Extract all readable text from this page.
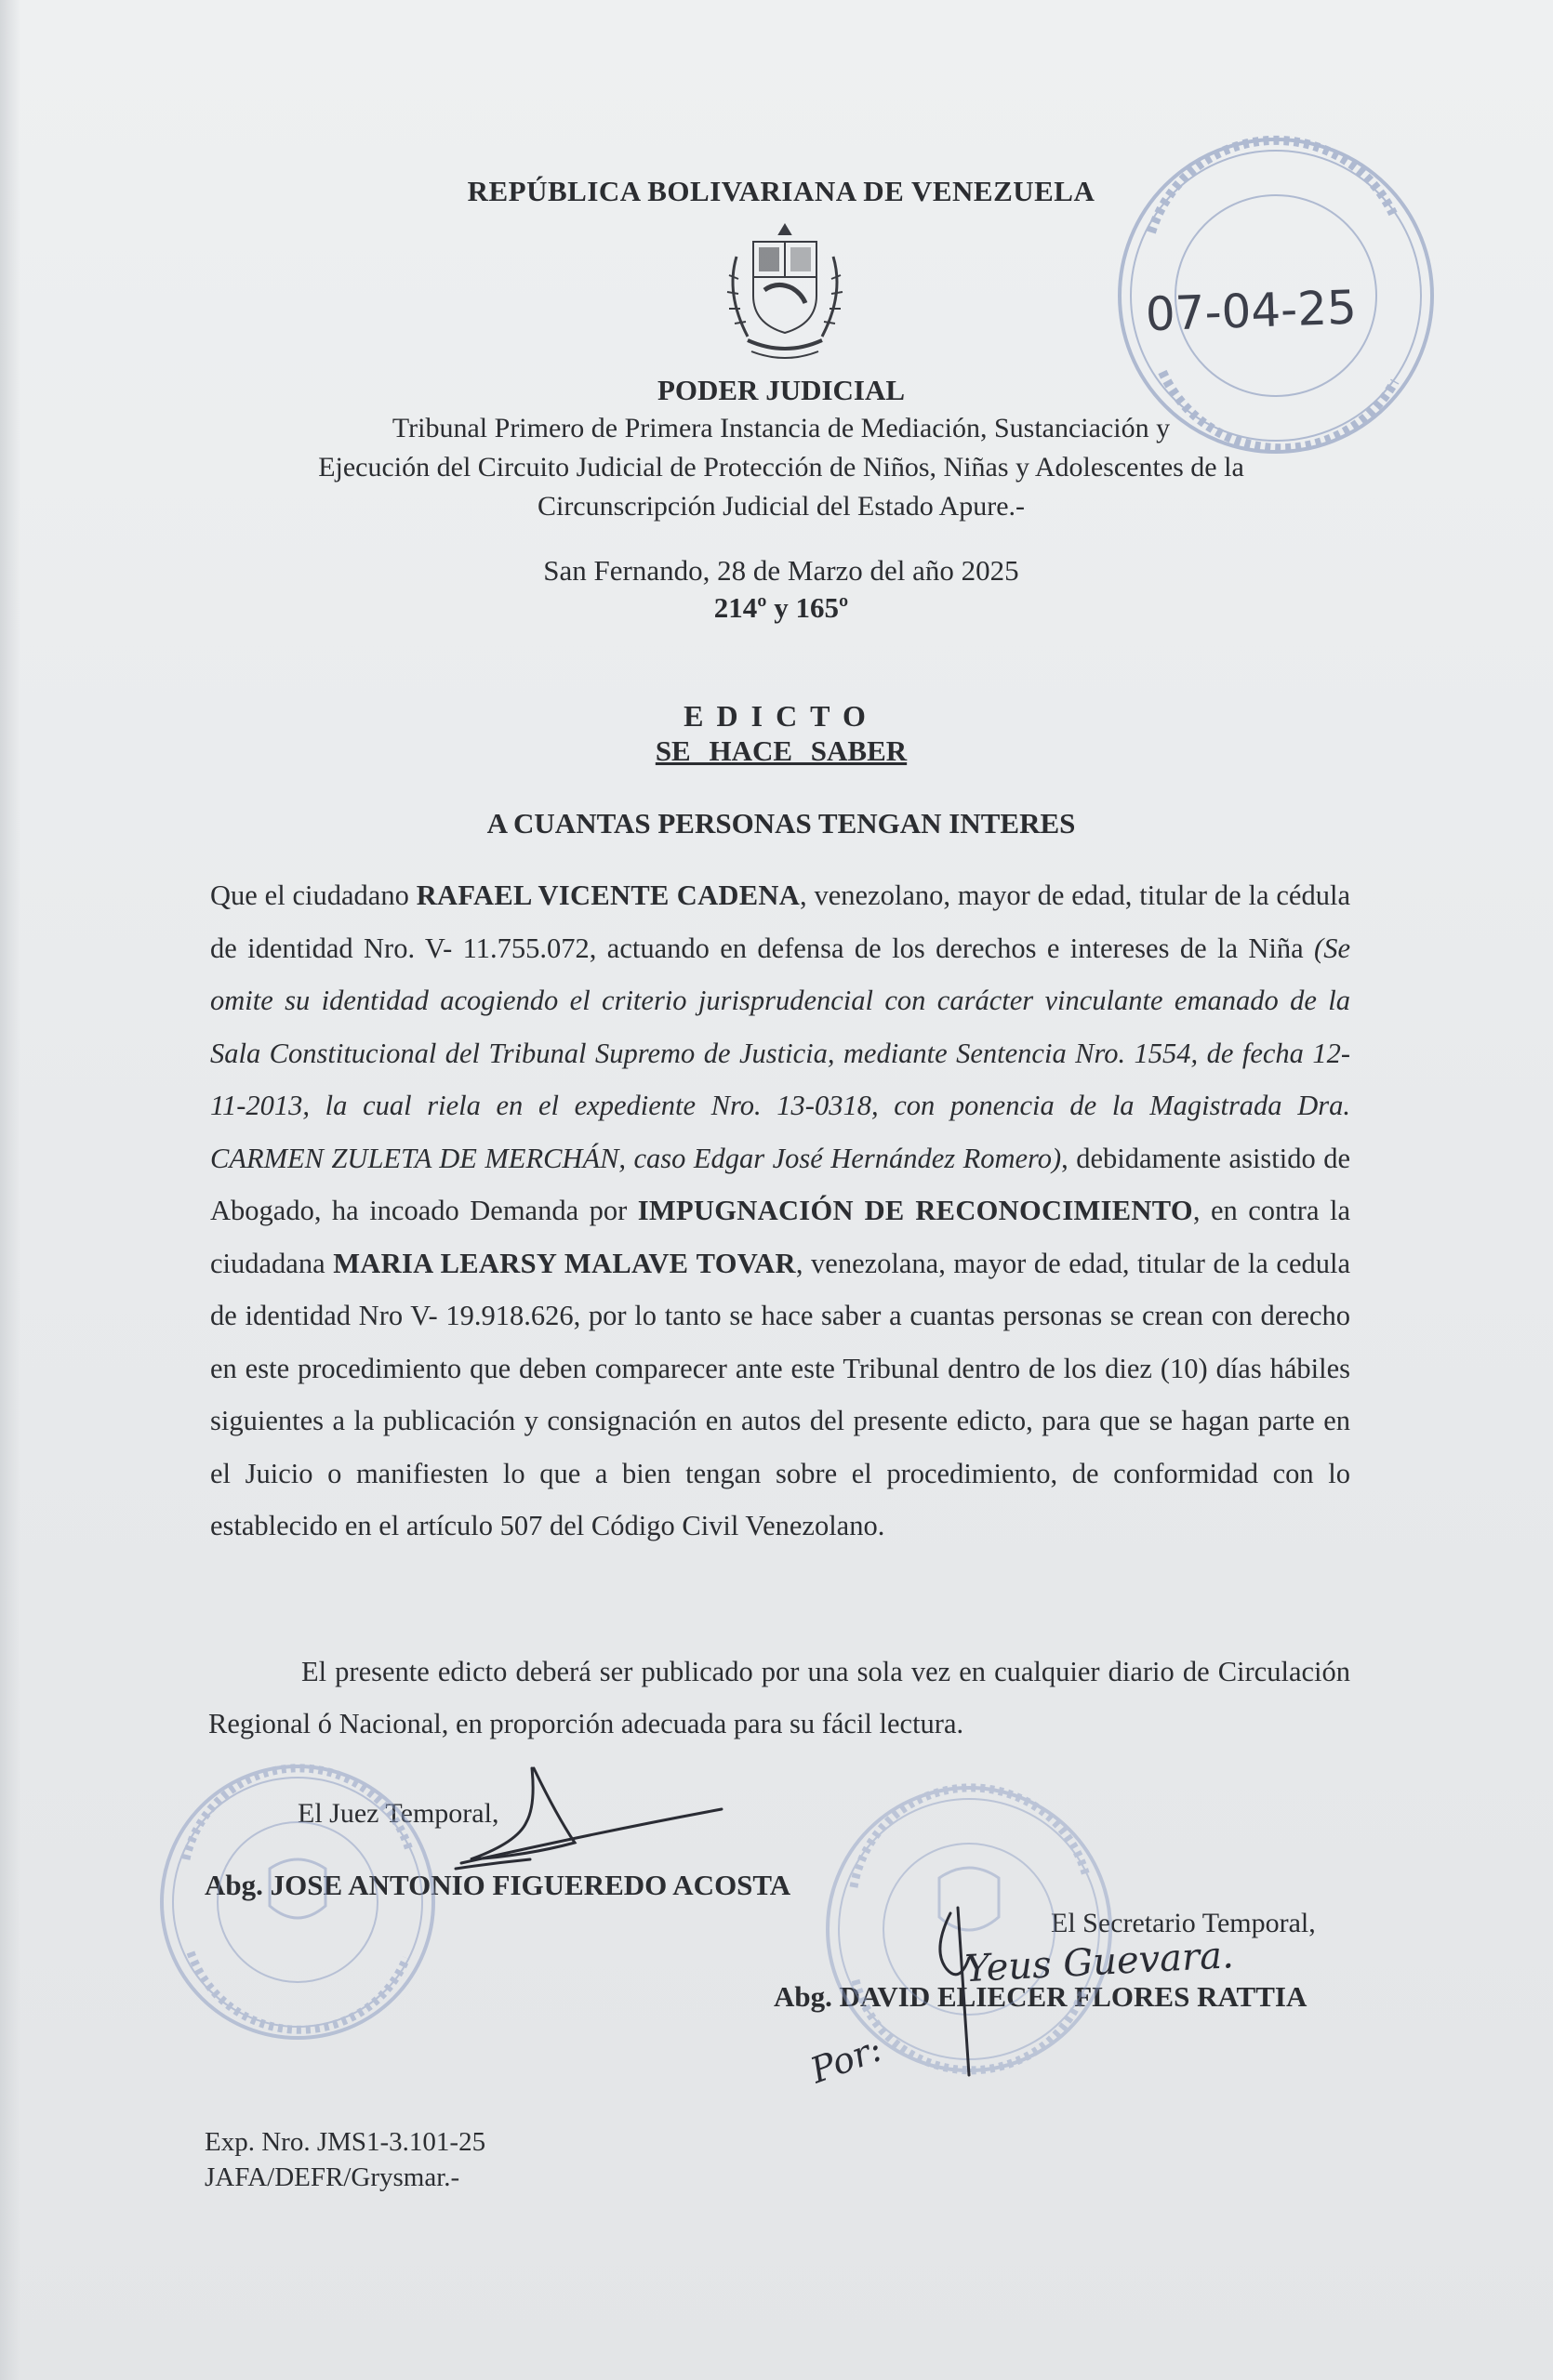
REPÚBLICA BOLIVARIANA DE VENEZUELA
PODER JUDICIAL
Tribunal Primero de Primera Instancia de Mediación, Sustanciación y
Ejecución del Circuito Judicial de Protección de Niños, Niñas y Adolescentes de la
Circunscripción Judicial del Estado Apure.-
San Fernando, 28 de Marzo del año 2025
214º y 165º
EDICTO
SE HACE SABER
A CUANTAS PERSONAS TENGAN INTERES
Que el ciudadano RAFAEL VICENTE CADENA, venezolano, mayor de edad, titular de la cédula de identidad Nro. V- 11.755.072, actuando en defensa de los derechos e intereses de la Niña (Se omite su identidad acogiendo el criterio jurisprudencial con carácter vinculante emanado de la Sala Constitucional del Tribunal Supremo de Justicia, mediante Sentencia Nro. 1554, de fecha 12-11-2013, la cual riela en el expediente Nro. 13-0318, con ponencia de la Magistrada Dra. CARMEN ZULETA DE MERCHÁN, caso Edgar José Hernández Romero), debidamente asistido de Abogado, ha incoado Demanda por IMPUGNACIÓN DE RECONOCIMIENTO, en contra la ciudadana MARIA LEARSY MALAVE TOVAR, venezolana, mayor de edad, titular de la cedula de identidad Nro V- 19.918.626, por lo tanto se hace saber a cuantas personas se crean con derecho en este procedimiento que deben comparecer ante este Tribunal dentro de los diez (10) días hábiles siguientes a la publicación y consignación en autos del presente edicto, para que se hagan parte en el Juicio o manifiesten lo que a bien tengan sobre el procedimiento, de conformidad con lo establecido en el artículo 507 del Código Civil Venezolano.
El presente edicto deberá ser publicado por una sola vez en cualquier diario de Circulación Regional ó Nacional, en proporción adecuada para su fácil lectura.
El Juez Temporal,
Abg. JOSE ANTONIO FIGUEREDO ACOSTA
El Secretario Temporal,
Abg. DAVID ELIECER FLORES RATTIA
Exp. Nro. JMS1-3.101-25
JAFA/DEFR/Grysmar.-
07-04-25
Yeus Guevara.
Por:
